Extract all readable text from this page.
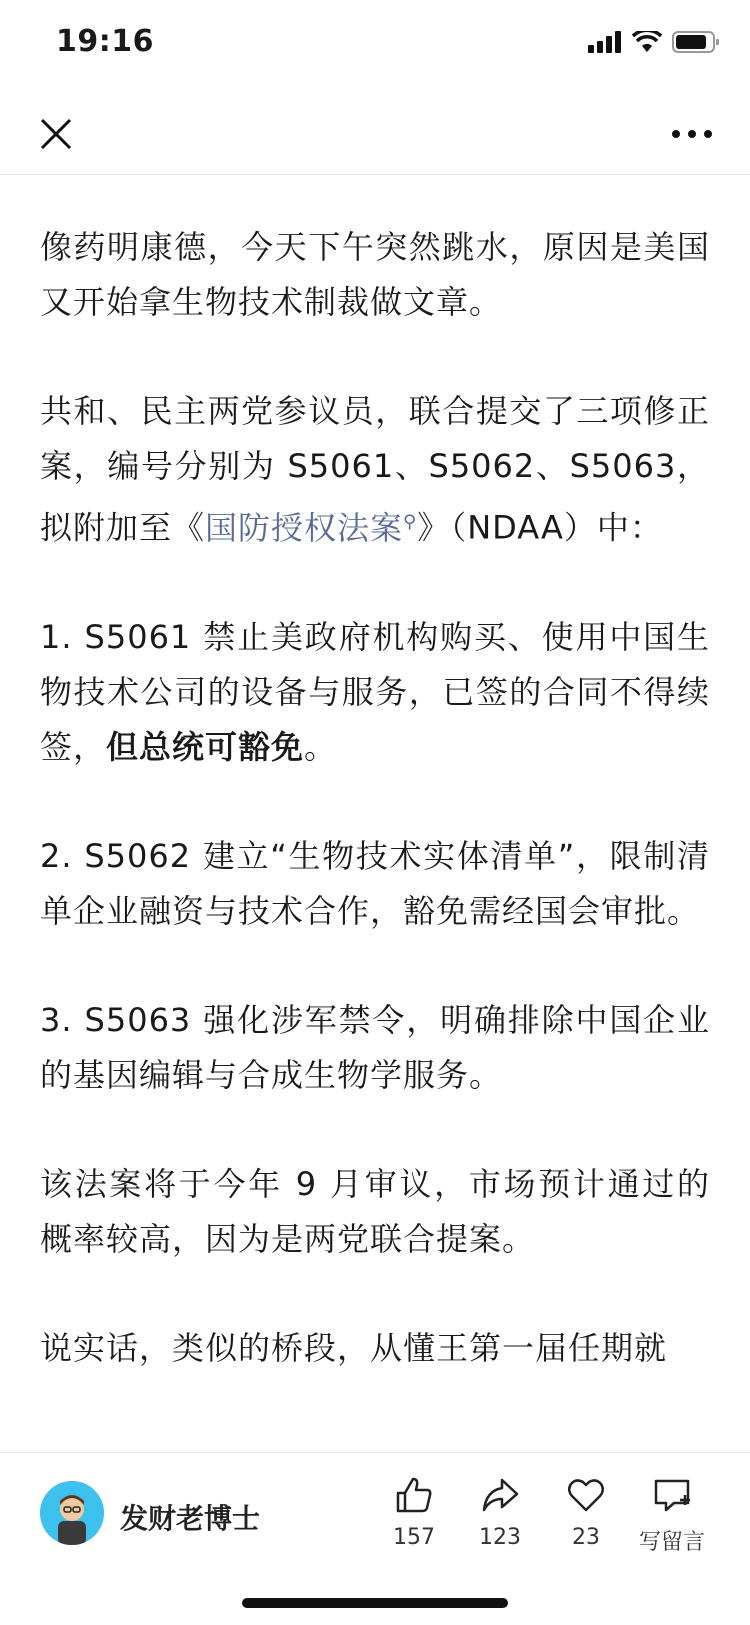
19:16

像药明康德，今天下午突然跳水，原因是美国又开始拿生物技术制裁做文章。

共和、民主两党参议员，联合提交了三项修正案，编号分别为 S5061、S5062、S5063，拟附加至《国防授权法案⚲》（NDAA）中：

1. S5061 禁止美政府机构购买、使用中国生物技术公司的设备与服务，已签的合同不得续签，但总统可豁免。

2. S5062 建立“生物技术实体清单”，限制清单企业融资与技术合作，豁免需经国会审批。

3. S5063 强化涉军禁令，明确排除中国企业的基因编辑与合成生物学服务。

该法案将于今年 9 月审议，市场预计通过的概率较高，因为是两党联合提案。

说实话，类似的桥段，从懂王第一届任期就

发财老博士
157	123	23	写留言
